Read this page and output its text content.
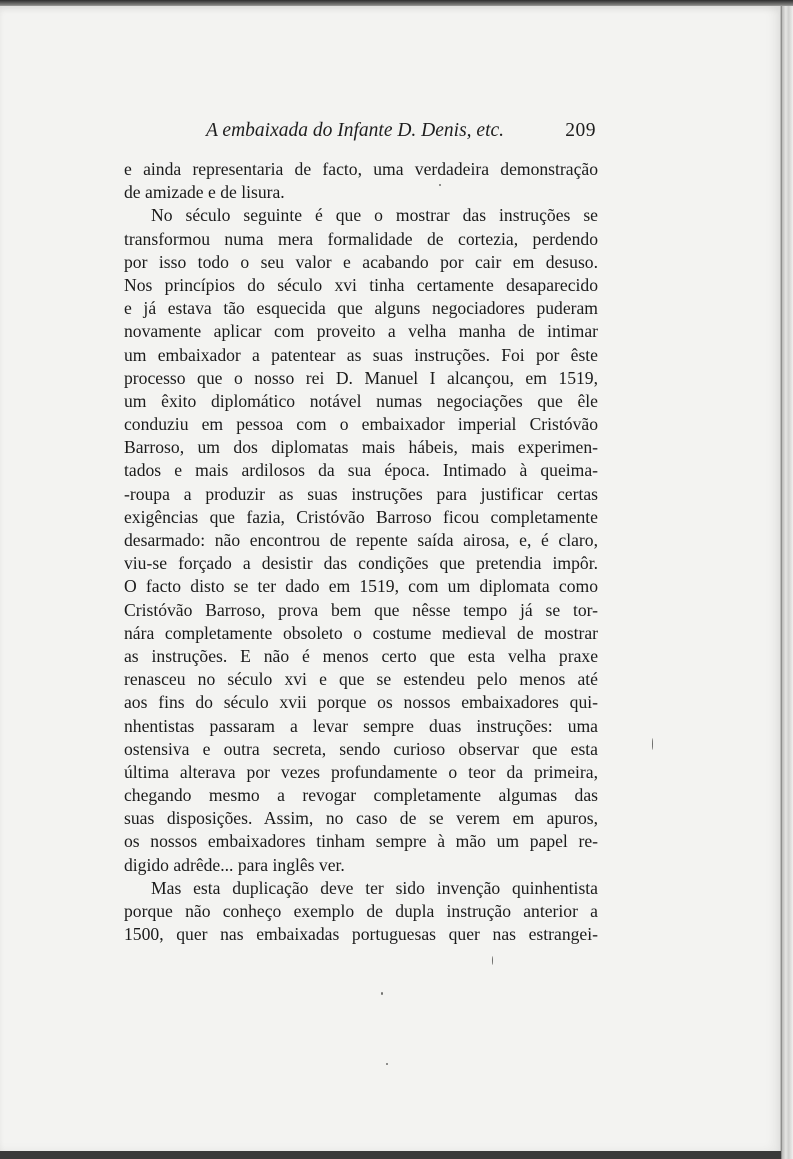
A embaixada do Infante D. Denis, etc.	209

e ainda representaria de facto, uma verdadeira demonstração
de amizade e de lisura.

No século seguinte é que o mostrar das instruções se
transformou numa mera formalidade de cortezia, perdendo
por isso todo o seu valor e acabando por cair em desuso.
Nos princípios do século xvi tinha certamente desaparecido
e já estava tão esquecida que alguns negociadores puderam
novamente aplicar com proveito a velha manha de intimar
um embaixador a patentear as suas instruções. Foi por êste
processo que o nosso rei D. Manuel I alcançou, em 1519,
um êxito diplomático notável numas negociações que êle
conduziu em pessoa com o embaixador imperial Cristóvão
Barroso, um dos diplomatas mais hábeis, mais experimen-
tados e mais ardilosos da sua época. Intimado à queima-
-roupa a produzir as suas instruções para justificar certas
exigências que fazia, Cristóvão Barroso ficou completamente
desarmado: não encontrou de repente saída airosa, e, é claro,
viu-se forçado a desistir das condições que pretendia impôr.
O facto disto se ter dado em 1519, com um diplomata como
Cristóvão Barroso, prova bem que nêsse tempo já se tor-
nára completamente obsoleto o costume medieval de mostrar
as instruções. E não é menos certo que esta velha praxe
renasceu no século xvi e que se estendeu pelo menos até
aos fins do século xvii porque os nossos embaixadores qui-
nhentistas passaram a levar sempre duas instruções: uma
ostensiva e outra secreta, sendo curioso observar que esta
última alterava por vezes profundamente o teor da primeira,
chegando mesmo a revogar completamente algumas das
suas disposições. Assim, no caso de se verem em apuros,
os nossos embaixadores tinham sempre à mão um papel re-
digido adrêde... para inglês ver.

Mas esta duplicação deve ter sido invenção quinhentista
porque não conheço exemplo de dupla instrução anterior a
1500, quer nas embaixadas portuguesas quer nas estrangei-
